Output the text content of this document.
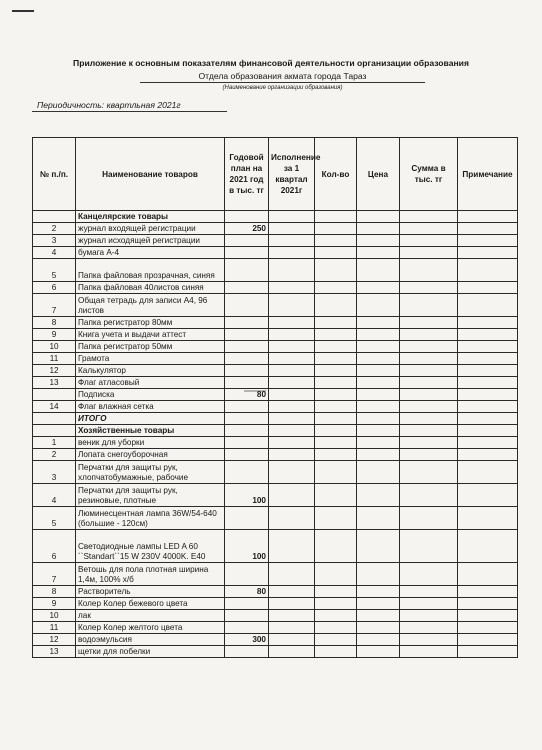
Приложение к основным показателям финансовой деятельности организации образования
Отдела образования акмата города Тараз
(Наименование организации образования)
Периодичность: квартльная 2021г
№ п./п.	Наименование товаров	Годовой план на 2021 год в тыс. тг	Исполнение за 1 квартал 2021г	Кол-во	Цена	Сумма в тыс. тг	Примечание
	Канцелярские товары						
2	журнал входящей регистрации	250					
3	журнал исходящей регистрации						
4	бумага А-4						
5	Папка файловая прозрачная, синяя						
6	Папка файловая 40листов синяя						
7	Общая тетрадь для записи А4, 96 листов						
8	Папка регистратор 80мм						
9	Книга учета и выдачи аттест						
10	Папка регистратор 50мм						
11	Грамота						
12	Калькулятор						
13	Флаг атласовый						
	Подписка	80					
14	Флаг влажная сетка						
	ИТОГО						
	Хозяйственные товары						
1	веник для уборки						
2	Лопата снегоуборочная						
3	Перчатки для защиты рук, хлопчатобумажные, рабочие						
4	Перчатки для защиты рук, резиновые, плотные	100					
5	Люминесцентная лампа 36W/54-640 (большие - 120см)						
6	Светодиодные лампы LED A 60 ``Standart``15 W 230V 4000K. E40	100					
7	Ветошь для пола плотная ширина 1,4м, 100% х/б						
8	Растворитель	80					
9	Колер Колер бежевого цвета						
10	лак						
11	Колер Колер желтого цвета						
12	водоэмульсия	300					
13	щетки для побелки						
